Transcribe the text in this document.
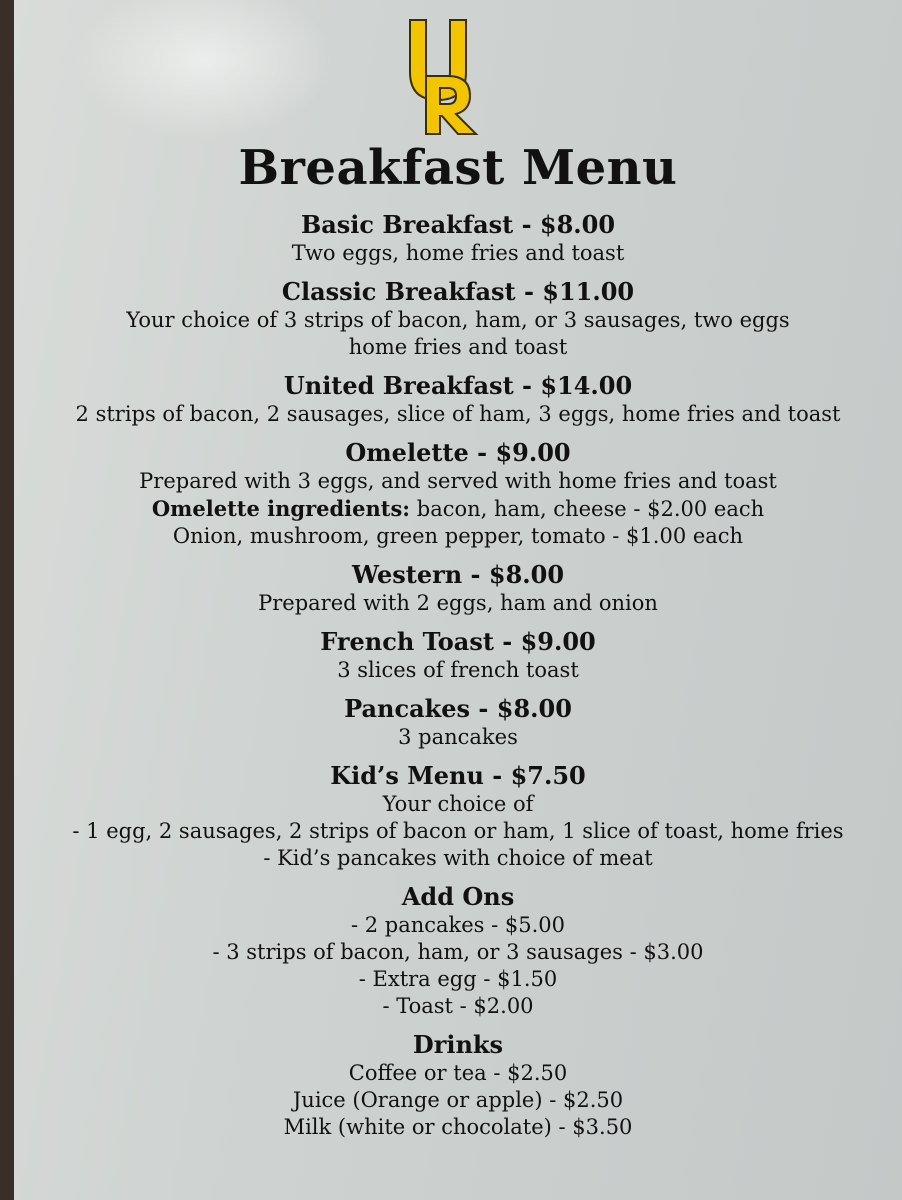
Breakfast Menu
Basic Breakfast - $8.00
Two eggs, home fries and toast
Classic Breakfast - $11.00
Your choice of 3 strips of bacon, ham, or 3 sausages, two eggs
home fries and toast
United Breakfast - $14.00
2 strips of bacon, 2 sausages, slice of ham, 3 eggs, home fries and toast
Omelette - $9.00
Prepared with 3 eggs, and served with home fries and toast
Omelette ingredients: bacon, ham, cheese - $2.00 each
Onion, mushroom, green pepper, tomato - $1.00 each
Western - $8.00
Prepared with 2 eggs, ham and onion
French Toast - $9.00
3 slices of french toast
Pancakes - $8.00
3 pancakes
Kid’s Menu - $7.50
Your choice of
- 1 egg, 2 sausages, 2 strips of bacon or ham, 1 slice of toast, home fries
- Kid’s pancakes with choice of meat
Add Ons
- 2 pancakes - $5.00
- 3 strips of bacon, ham, or 3 sausages - $3.00
- Extra egg - $1.50
- Toast - $2.00
Drinks
Coffee or tea - $2.50
Juice (Orange or apple) - $2.50
Milk (white or chocolate) - $3.50
